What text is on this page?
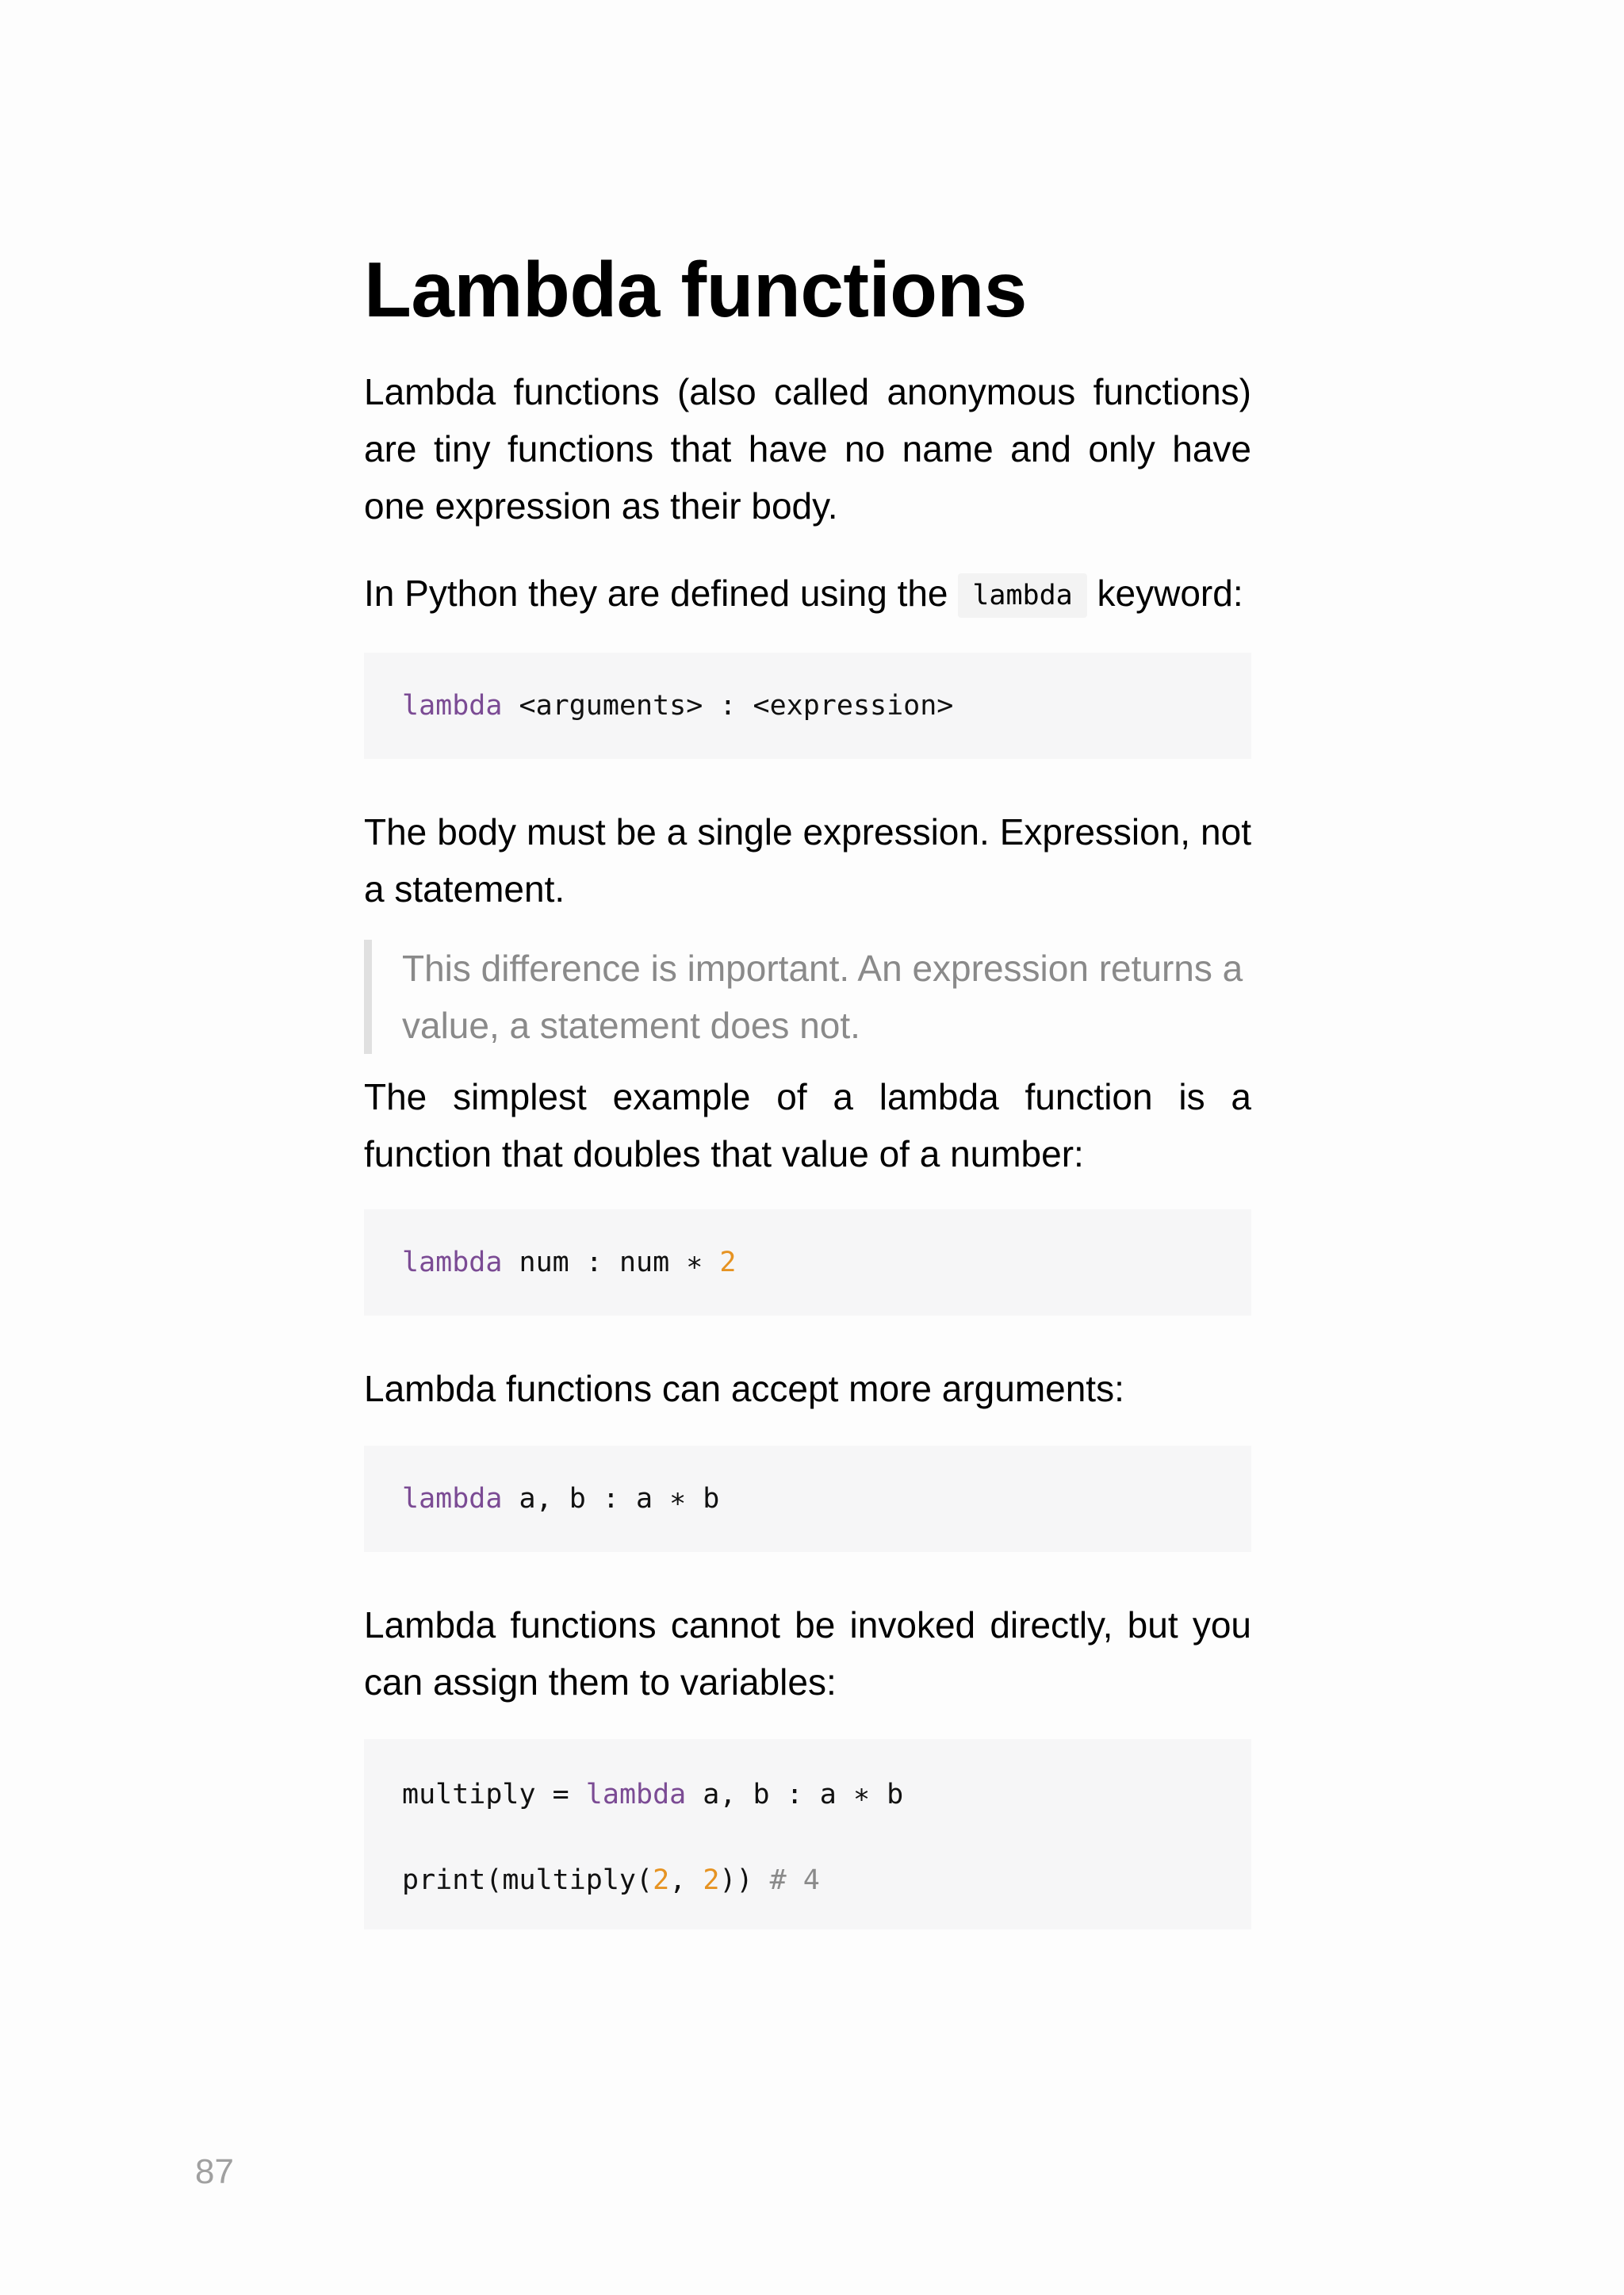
Lambda functions

Lambda functions (also called anonymous functions) are tiny functions that have no name and only have one expression as their body.

In Python they are defined using the lambda keyword:

lambda <arguments> : <expression>

The body must be a single expression. Expression, not a statement.

This difference is important. An expression returns a value, a statement does not.

The simplest example of a lambda function is a function that doubles that value of a number:

lambda num : num ∗ 2

Lambda functions can accept more arguments:

lambda a, b : a ∗ b

Lambda functions cannot be invoked directly, but you can assign them to variables:

multiply = lambda a, b : a ∗ b
print(multiply(2, 2)) # 4
87
